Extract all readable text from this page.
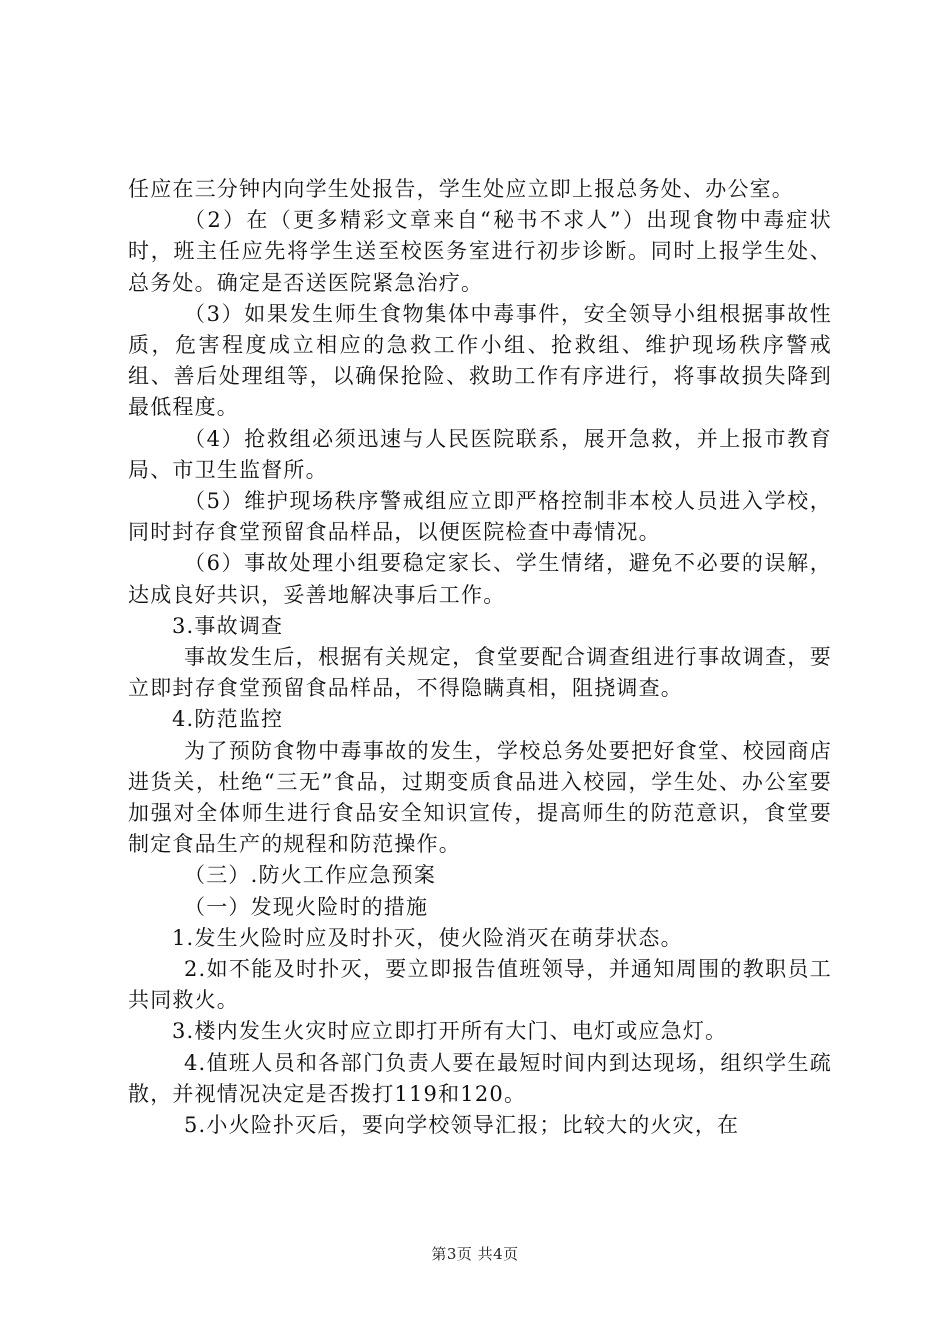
任应在三分钟内向学生处报告，学生处应立即上报总务处、办公室。

（2）在（更多精彩文章来自“秘书不求人”）出现食物中毒症状时，班主任应先将学生送至校医务室进行初步诊断。同时上报学生处、总务处。确定是否送医院紧急治疗。

（3）如果发生师生食物集体中毒事件，安全领导小组根据事故性质，危害程度成立相应的急救工作小组、抢救组、维护现场秩序警戒组、善后处理组等，以确保抢险、救助工作有序进行，将事故损失降到最低程度。

（4）抢救组必须迅速与人民医院联系，展开急救，并上报市教育局、市卫生监督所。

（5）维护现场秩序警戒组应立即严格控制非本校人员进入学校，同时封存食堂预留食品样品，以便医院检查中毒情况。

（6）事故处理小组要稳定家长、学生情绪，避免不必要的误解，达成良好共识，妥善地解决事后工作。

3.事故调查

事故发生后，根据有关规定，食堂要配合调查组进行事故调查，要立即封存食堂预留食品样品，不得隐瞒真相，阻挠调查。

4.防范监控

为了预防食物中毒事故的发生，学校总务处要把好食堂、校园商店进货关，杜绝“三无”食品，过期变质食品进入校园，学生处、办公室要加强对全体师生进行食品安全知识宣传，提高师生的防范意识，食堂要制定食品生产的规程和防范操作。

（三）.防火工作应急预案

（一）发现火险时的措施

1.发生火险时应及时扑灭，使火险消灭在萌芽状态。

2.如不能及时扑灭，要立即报告值班领导，并通知周围的教职员工共同救火。

3.楼内发生火灾时应立即打开所有大门、电灯或应急灯。

4.值班人员和各部门负责人要在最短时间内到达现场，组织学生疏散，并视情况决定是否拨打119和120。

5.小火险扑灭后，要向学校领导汇报；比较大的火灾，在

第3页 共4页
